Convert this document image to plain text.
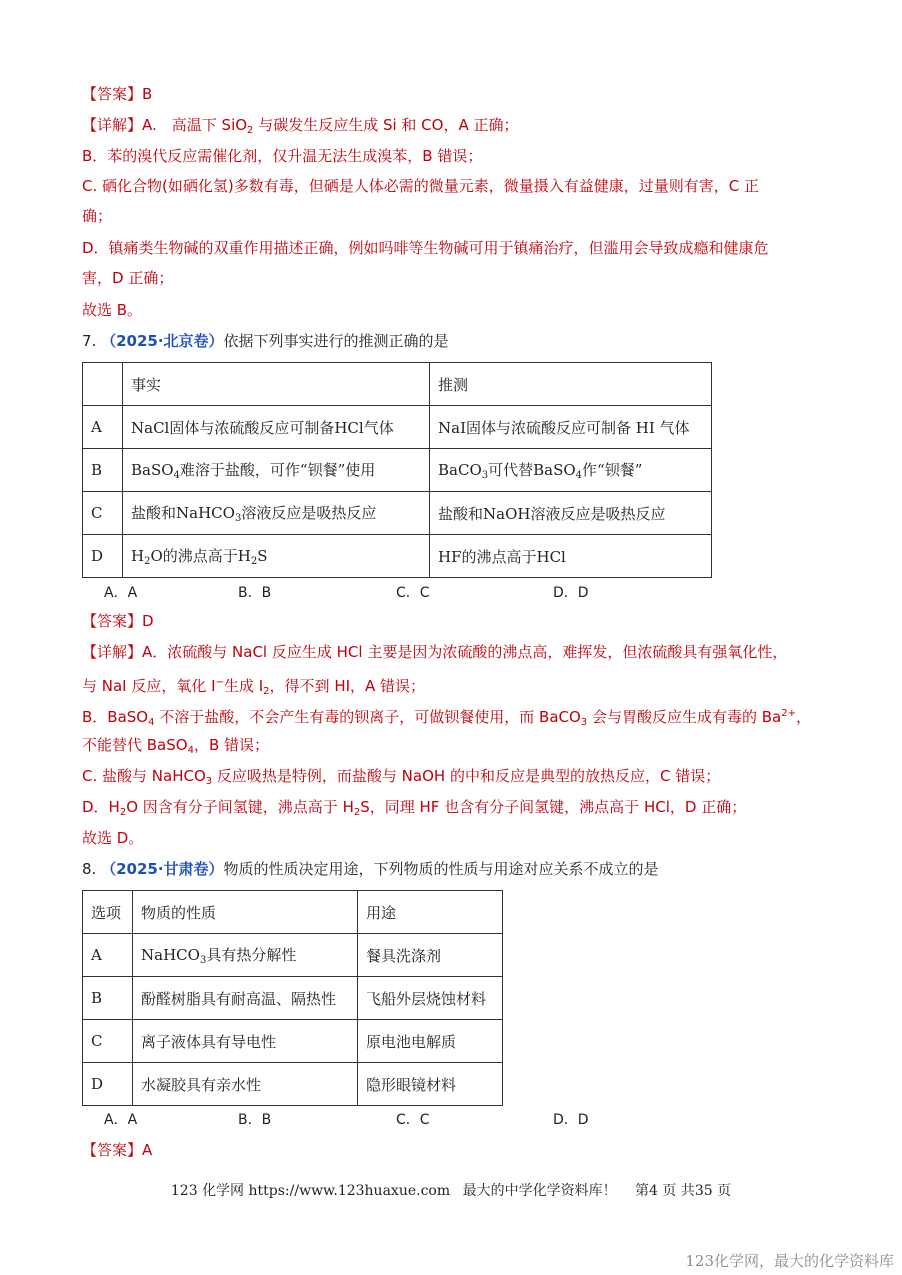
【答案】B
【详解】A.　高温下 SiO$_2$ 与碳发生反应生成 Si 和 CO，A 正确；
B．苯的溴代反应需催化剂，仅升温无法生成溴苯，B 错误；
C. 硒化合物(如硒化氢)多数有毒，但硒是人体必需的微量元素，微量摄入有益健康，过量则有害，C 正
确；
D．镇痛类生物碱的双重作用描述正确，例如吗啡等生物碱可用于镇痛治疗，但滥用会导致成瘾和健康危
害，D 正确；
故选 B。
7. （2025·北京卷）依据下列事实进行的推测正确的是
	事实	推测
A	NaCl固体与浓硫酸反应可制备HCl气体	NaI固体与浓硫酸反应可制备 HI 气体
B	BaSO$_4$难溶于盐酸，可作“钡餐”使用	BaCO$_3$可代替BaSO$_4$作“钡餐”
C	盐酸和NaHCO$_3$溶液反应是吸热反应	盐酸和NaOH溶液反应是吸热反应
D	$H_2O$的沸点高于$H_2S$	HF的沸点高于HCl
A．A	B．B	C．C	D．D
【答案】D
【详解】A．浓硫酸与 NaCl 反应生成 HCl 主要是因为浓硫酸的沸点高，难挥发，但浓硫酸具有强氧化性，
与 NaI 反应，氧化 I−生成 $I_2$，得不到 HI，A 错误；
B．BaSO$_4$ 不溶于盐酸，不会产生有毒的钡离子，可做钡餐使用，而 BaCO$_3$ 会与胃酸反应生成有毒的 $Ba^{2+}$，
不能替代 BaSO$_4$，B 错误；
C. 盐酸与 NaHCO$_3$ 反应吸热是特例，而盐酸与 NaOH 的中和反应是典型的放热反应，C 错误；
D．$H_2O$ 因含有分子间氢键，沸点高于 $H_2S$，同理 HF 也含有分子间氢键，沸点高于 HCl，D 正确；
故选 D。
8. （2025·甘肃卷）物质的性质决定用途，下列物质的性质与用途对应关系不成立的是
选项	物质的性质	用途
A	NaHCO$_3$具有热分解性	餐具洗涤剂
B	酚醛树脂具有耐高温、隔热性	飞船外层烧蚀材料
C	离子液体具有导电性	原电池电解质
D	水凝胶具有亲水性	隐形眼镜材料
A．A	B．B	C．C	D．D
【答案】A
123 化学网 https://www.123huaxue.com 最大的中学化学资料库！ 第4 页 共35 页
123化学网，最大的化学资料库
